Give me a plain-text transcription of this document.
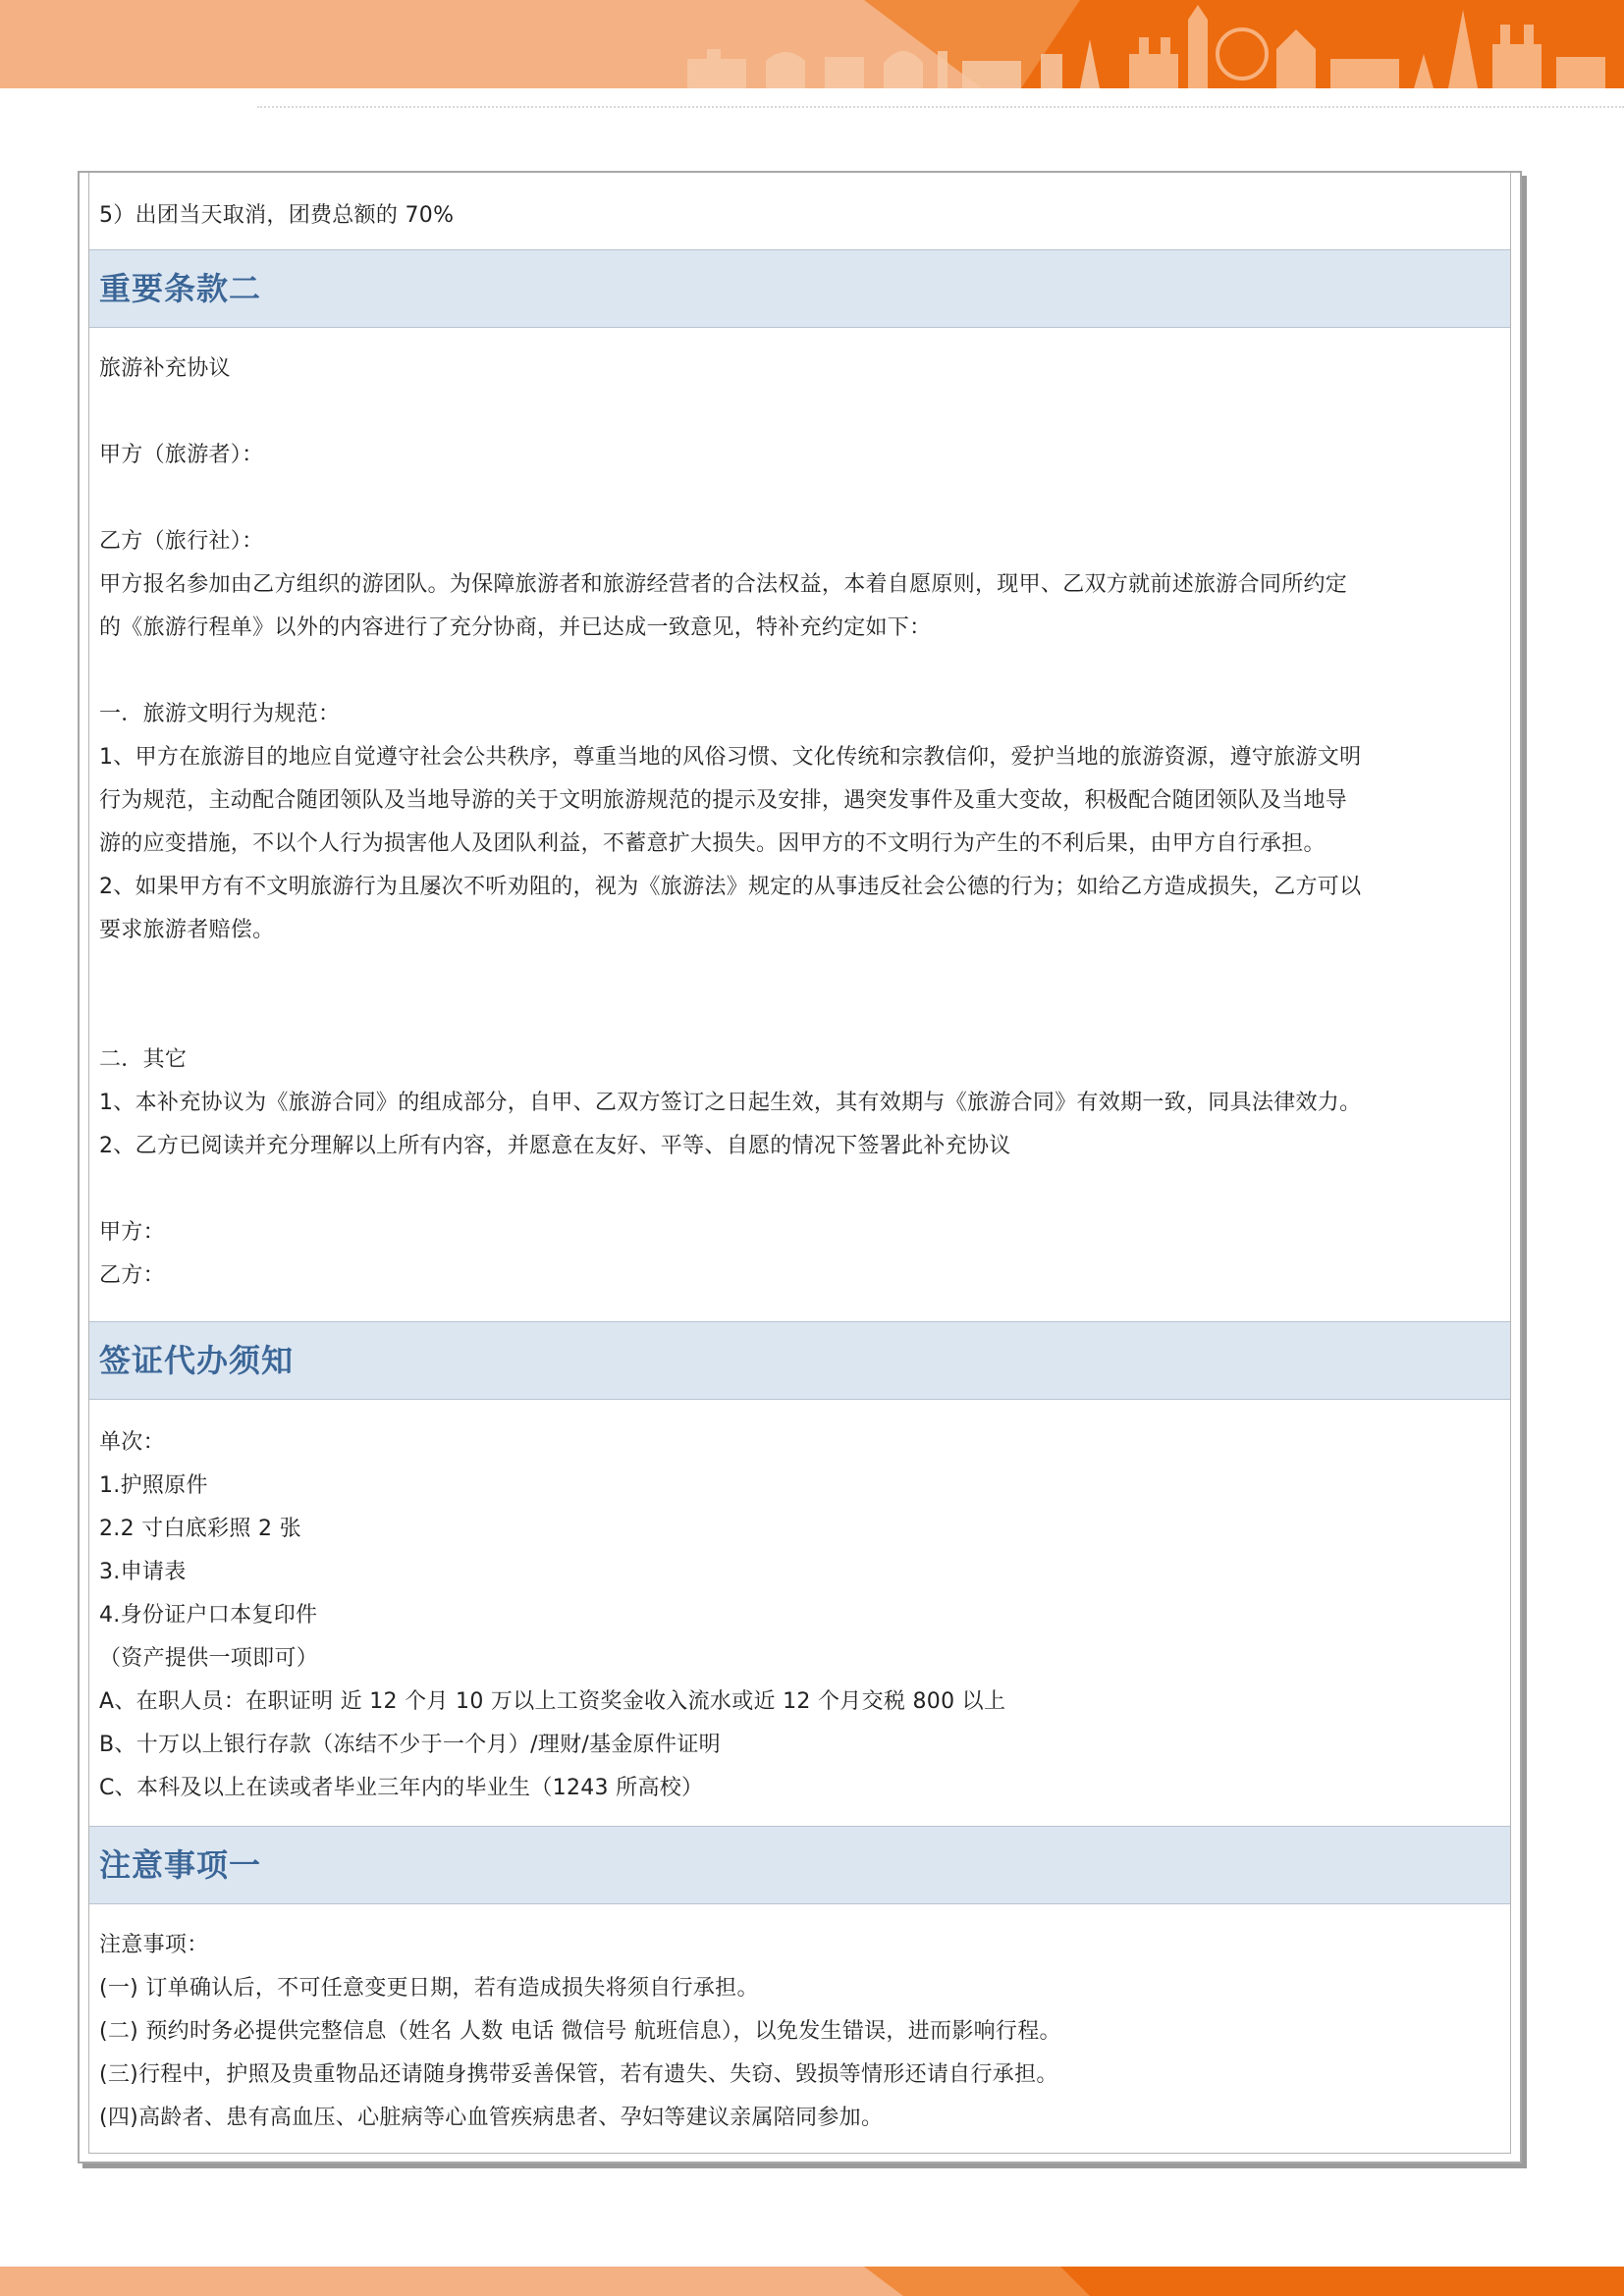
5）出团当天取消，团费总额的 70%
重要条款二
旅游补充协议
甲方（旅游者）：
乙方（旅行社）：
甲方报名参加由乙方组织的游团队。为保障旅游者和旅游经营者的合法权益，本着自愿原则，现甲、乙双方就前述旅游合同所约定
的《旅游行程单》以外的内容进行了充分协商，并已达成一致意见，特补充约定如下：
一．旅游文明行为规范：
1、甲方在旅游目的地应自觉遵守社会公共秩序，尊重当地的风俗习惯、文化传统和宗教信仰，爱护当地的旅游资源，遵守旅游文明
行为规范，主动配合随团领队及当地导游的关于文明旅游规范的提示及安排，遇突发事件及重大变故，积极配合随团领队及当地导
游的应变措施，不以个人行为损害他人及团队利益，不蓄意扩大损失。因甲方的不文明行为产生的不利后果，由甲方自行承担。
2、如果甲方有不文明旅游行为且屡次不听劝阻的，视为《旅游法》规定的从事违反社会公德的行为；如给乙方造成损失，乙方可以
要求旅游者赔偿。
二．其它
1、本补充协议为《旅游合同》的组成部分，自甲、乙双方签订之日起生效，其有效期与《旅游合同》有效期一致，同具法律效力。
2、乙方已阅读并充分理解以上所有内容，并愿意在友好、平等、自愿的情况下签署此补充协议
甲方：
乙方：
签证代办须知
单次：
1.护照原件
2.2 寸白底彩照 2 张
3.申请表
4.身份证户口本复印件
（资产提供一项即可）
A、在职人员：在职证明 近 12 个月 10 万以上工资奖金收入流水或近 12 个月交税 800 以上
B、十万以上银行存款（冻结不少于一个月）/理财/基金原件证明
C、本科及以上在读或者毕业三年内的毕业生（1243 所高校）
注意事项一
注意事项：
(一) 订单确认后，不可任意变更日期，若有造成损失将须自行承担。
(二) 预约时务必提供完整信息（姓名 人数 电话 微信号 航班信息），以免发生错误，进而影响行程。
(三)行程中，护照及贵重物品还请随身携带妥善保管，若有遗失、失窃、毁损等情形还请自行承担。
(四)高龄者、患有高血压、心脏病等心血管疾病患者、孕妇等建议亲属陪同参加。
